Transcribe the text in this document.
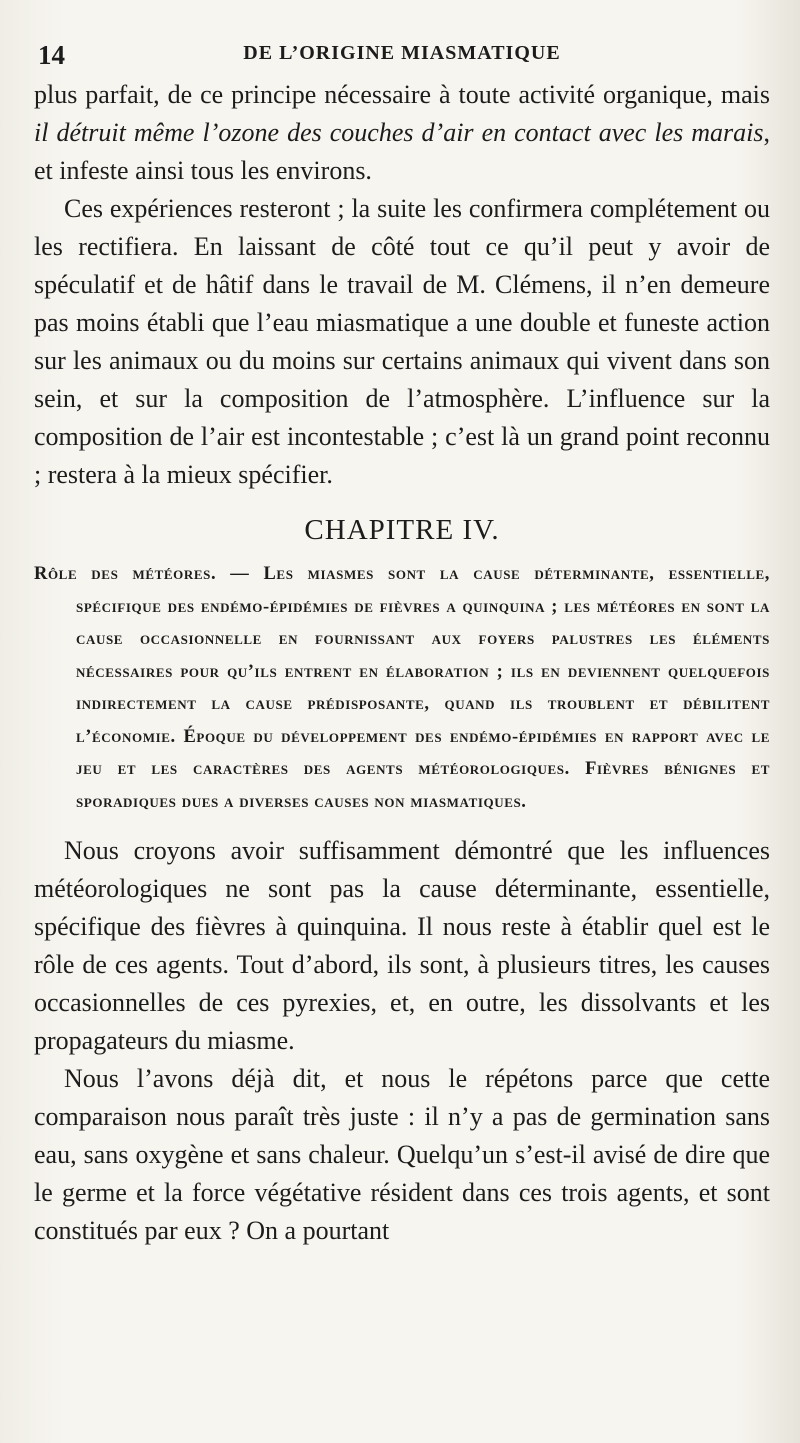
14	DE L’ORIGINE MIASMATIQUE

plus parfait, de ce principe nécessaire à toute activité organique, mais il détruit même l’ozone des couches d’air en contact avec les marais, et infeste ainsi tous les environs.

Ces expériences resteront ; la suite les confirmera complétement ou les rectifiera. En laissant de côté tout ce qu’il peut y avoir de spéculatif et de hâtif dans le travail de M. Clémens, il n’en demeure pas moins établi que l’eau miasmatique a une double et funeste action sur les animaux ou du moins sur certains animaux qui vivent dans son sein, et sur la composition de l’atmosphère. L’influence sur la composition de l’air est incontestable ; c’est là un grand point reconnu ; restera à la mieux spécifier.

CHAPITRE IV.

Rôle des météores. — Les miasmes sont la cause déterminante, essentielle, spécifique des endémo-épidémies de fièvres a quinquina ; les météores en sont la cause occasionnelle en fournissant aux foyers palustres les éléments nécessaires pour qu’ils entrent en élaboration ; ils en deviennent quelquefois indirectement la cause prédisposante, quand ils troublent et débilitent l’économie. Époque du développement des endémo-épidémies en rapport avec le jeu et les caractères des agents météorologiques. Fièvres bénignes et sporadiques dues a diverses causes non miasmatiques.

Nous croyons avoir suffisamment démontré que les influences météorologiques ne sont pas la cause déterminante, essentielle, spécifique des fièvres à quinquina. Il nous reste à établir quel est le rôle de ces agents. Tout d’abord, ils sont, à plusieurs titres, les causes occasionnelles de ces pyrexies, et, en outre, les dissolvants et les propagateurs du miasme.

Nous l’avons déjà dit, et nous le répétons parce que cette comparaison nous paraît très juste : il n’y a pas de germination sans eau, sans oxygène et sans chaleur. Quelqu’un s’est-il avisé de dire que le germe et la force végétative résident dans ces trois agents, et sont constitués par eux ? On a pourtant
